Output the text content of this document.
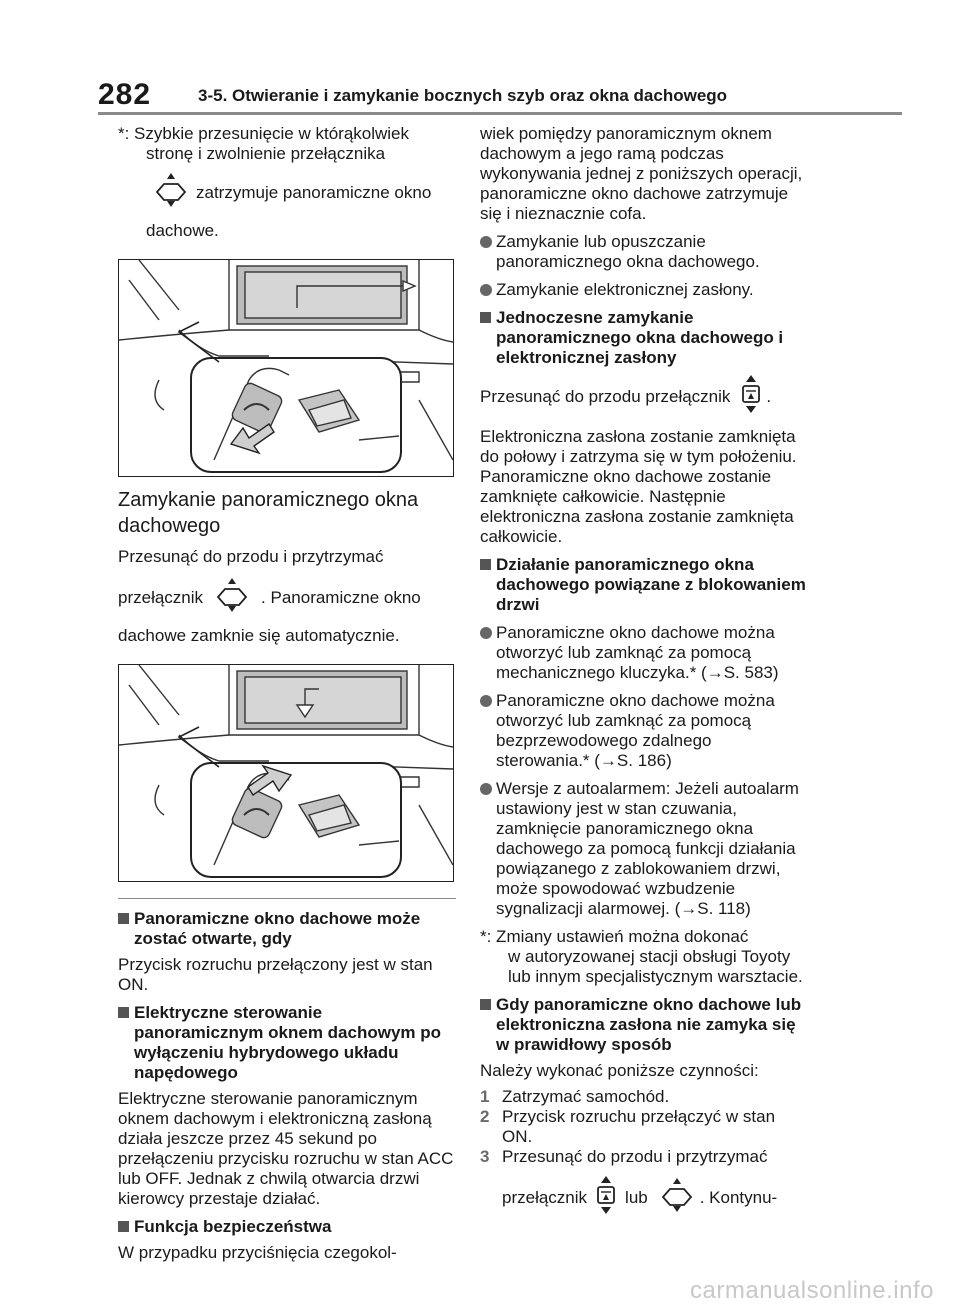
282	3-5. Otwieranie i zamykanie bocznych szyb oraz okna dachowego

*: Szybkie przesunięcie w którąkolwiek
stronę i zwolnienie przełącznika

zatrzymuje panoramiczne okno

dachowe.

Zamykanie panoramicznego okna dachowego

Przesunąć do przodu i przytrzymać

przełącznik	. Panoramiczne okno

dachowe zamknie się automatycznie.

Panoramiczne okno dachowe może zostać otwarte, gdy

Przycisk rozruchu przełączony jest w stan ON.

Elektryczne sterowanie panoramicznym oknem dachowym po wyłączeniu hybrydowego układu napędowego

Elektryczne sterowanie panoramicznym oknem dachowym i elektroniczną zasłoną działa jeszcze przez 45 sekund po przełączeniu przycisku rozruchu w stan ACC lub OFF. Jednak z chwilą otwarcia drzwi kierowcy przestaje działać.

Funkcja bezpieczeństwa

W przypadku przyciśnięcia czegokol-

wiek pomiędzy panoramicznym oknem dachowym a jego ramą podczas wykonywania jednej z poniższych operacji, panoramiczne okno dachowe zatrzymuje się i nieznacznie cofa.

Zamykanie lub opuszczanie panoramicznego okna dachowego.

Zamykanie elektronicznej zasłony.

Jednoczesne zamykanie panoramicznego okna dachowego i elektronicznej zasłony

Przesunąć do przodu przełącznik .

Elektroniczna zasłona zostanie zamknięta do połowy i zatrzyma się w tym położeniu. Panoramiczne okno dachowe zostanie zamknięte całkowicie. Następnie elektroniczna zasłona zostanie zamknięta całkowicie.

Działanie panoramicznego okna dachowego powiązane z blokowaniem drzwi

Panoramiczne okno dachowe można otworzyć lub zamknąć za pomocą mechanicznego kluczyka.* (→S. 583)

Panoramiczne okno dachowe można otworzyć lub zamknąć za pomocą bezprzewodowego zdalnego sterowania.* (→S. 186)

Wersje z autoalarmem: Jeżeli autoalarm ustawiony jest w stan czuwania, zamknięcie panoramicznego okna dachowego za pomocą funkcji działania powiązanego z zablokowaniem drzwi, może spowodować wzbudzenie sygnalizacji alarmowej. (→S. 118)

*: Zmiany ustawień można dokonać
w autoryzowanej stacji obsługi Toyoty
lub innym specjalistycznym warsztacie.

Gdy panoramiczne okno dachowe lub elektroniczna zasłona nie zamyka się w prawidłowy sposób

Należy wykonać poniższe czynności:

1 Zatrzymać samochód.
2 Przycisk rozruchu przełączyć w stan ON.
3 Przesunąć do przodu i przytrzymać
przełącznik lub	. Kontynu-
carmanualsonline.info
